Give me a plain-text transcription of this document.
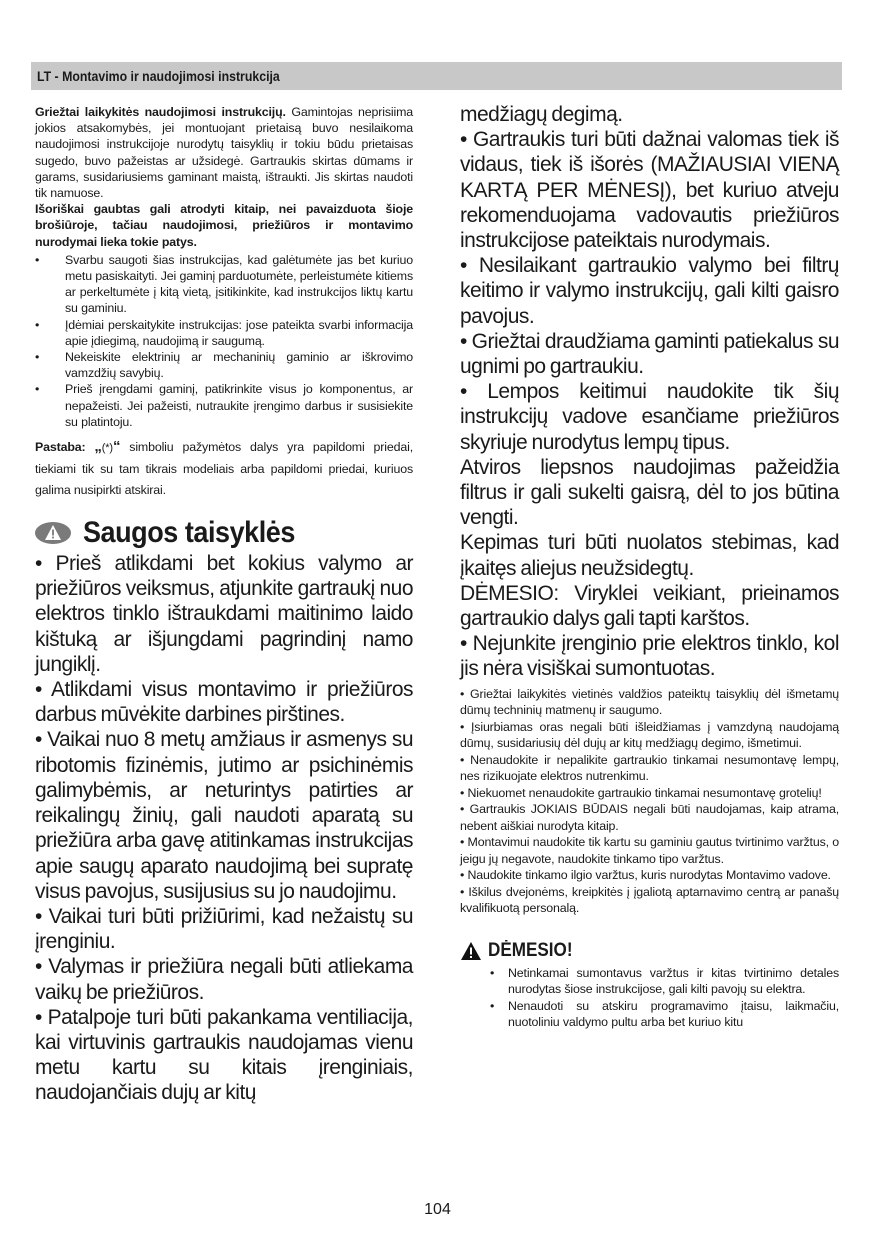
LT - Montavimo ir naudojimosi instrukcija

Griežtai laikykitės naudojimosi instrukcijų. Gamintojas neprisiima jokios atsakomybės, jei montuojant prietaisą buvo nesilaikoma naudojimosi instrukcijoje nurodytų taisyklių ir tokiu būdu prietaisas sugedo, buvo pažeistas ar užsidegė. Gartraukis skirtas dūmams ir garams, susidariusiems gaminant maistą, ištraukti. Jis skirtas naudoti tik namuose.

Išoriškai gaubtas gali atrodyti kitaip, nei pavaizduota šioje brošiūroje, tačiau naudojimosi, priežiūros ir montavimo nurodymai lieka tokie patys.

• Svarbu saugoti šias instrukcijas, kad galėtumėte jas bet kuriuo metu pasiskaityti. Jei gaminį parduotumėte, perleistumėte kitiems ar perkeltumėte į kitą vietą, įsitikinkite, kad instrukcijos liktų kartu su gaminiu.
• Įdėmiai perskaitykite instrukcijas: jose pateikta svarbi informacija apie įdiegimą, naudojimą ir saugumą.
• Nekeiskite elektrinių ar mechaninių gaminio ar iškrovimo vamzdžių savybių.
• Prieš įrengdami gaminį, patikrinkite visus jo komponentus, ar nepažeisti. Jei pažeisti, nutraukite įrengimo darbus ir susisiekite su platintoju.

Pastaba: „(*)“ simboliu pažymėtos dalys yra papildomi priedai, tiekiami tik su tam tikrais modeliais arba papildomi priedai, kuriuos galima nusipirkti atskirai.

Saugos taisyklės

• Prieš atlikdami bet kokius valymo ar priežiūros veiksmus, atjunkite gartraukį nuo elektros tinklo ištraukdami maitinimo laido kištuką ar išjungdami pagrindinį namo jungiklį.

• Atlikdami visus montavimo ir priežiūros darbus mūvėkite darbines pirštines.

• Vaikai nuo 8 metų amžiaus ir asmenys su ribotomis fizinėmis, jutimo ar psichinėmis galimybėmis, ar neturintys patirties ar reikalingų žinių, gali naudoti aparatą su priežiūra arba gavę atitinkamas instrukcijas apie saugų aparato naudojimą bei supratę visus pavojus, susijusius su jo naudojimu.

• Vaikai turi būti prižiūrimi, kad nežaistų su įrenginiu.

• Valymas ir priežiūra negali būti atliekama vaikų be priežiūros.

• Patalpoje turi būti pakankama ventiliacija, kai virtuvinis gartraukis naudojamas vienu metu kartu su kitais įrenginiais, naudojančiais dujų ar kitų

medžiagų degimą.

• Gartraukis turi būti dažnai valomas tiek iš vidaus, tiek iš išorės (MAŽIAUSIAI VIENĄ KARTĄ PER MĖNESĮ), bet kuriuo atveju rekomenduojama vadovautis priežiūros instrukcijose pateiktais nurodymais.

• Nesilaikant gartraukio valymo bei filtrų keitimo ir valymo instrukcijų, gali kilti gaisro pavojus.

• Griežtai draudžiama gaminti patiekalus su ugnimi po gartraukiu.

• Lempos keitimui naudokite tik šių instrukcijų vadove esančiame priežiūros skyriuje nurodytus lempų tipus.

Atviros liepsnos naudojimas pažeidžia filtrus ir gali sukelti gaisrą, dėl to jos būtina vengti.

Kepimas turi būti nuolatos stebimas, kad įkaitęs aliejus neužsidegtų.

DĖMESIO: Viryklei veikiant, prieinamos gartraukio dalys gali tapti karštos.

• Nejunkite įrenginio prie elektros tinklo, kol jis nėra visiškai sumontuotas.

• Griežtai laikykitės vietinės valdžios pateiktų taisyklių dėl išmetamų dūmų techninių matmenų ir saugumo.

• Įsiurbiamas oras negali būti išleidžiamas į vamzdyną naudojamą dūmų, susidariusių dėl dujų ar kitų medžiagų degimo, išmetimui.

• Nenaudokite ir nepalikite gartraukio tinkamai nesumontavę lempų, nes rizikuojate elektros nutrenkimu.

• Niekuomet nenaudokite gartraukio tinkamai nesumontavę grotelių!

• Gartraukis JOKIAIS BŪDAIS negali būti naudojamas, kaip atrama, nebent aiškiai nurodyta kitaip.

• Montavimui naudokite tik kartu su gaminiu gautus tvirtinimo varžtus, o jeigu jų negavote, naudokite tinkamo tipo varžtus.

• Naudokite tinkamo ilgio varžtus, kuris nurodytas Montavimo vadove.

• Iškilus dvejonėms, kreipkitės į įgaliotą aptarnavimo centrą ar panašų kvalifikuotą personalą.

DĖMESIO!
• Netinkamai sumontavus varžtus ir kitas tvirtinimo detales nurodytas šiose instrukcijose, gali kilti pavojų su elektra.
• Nenaudoti su atskiru programavimo įtaisu, laikmačiu, nuotoliniu valdymo pultu arba bet kuriuo kitu
104
